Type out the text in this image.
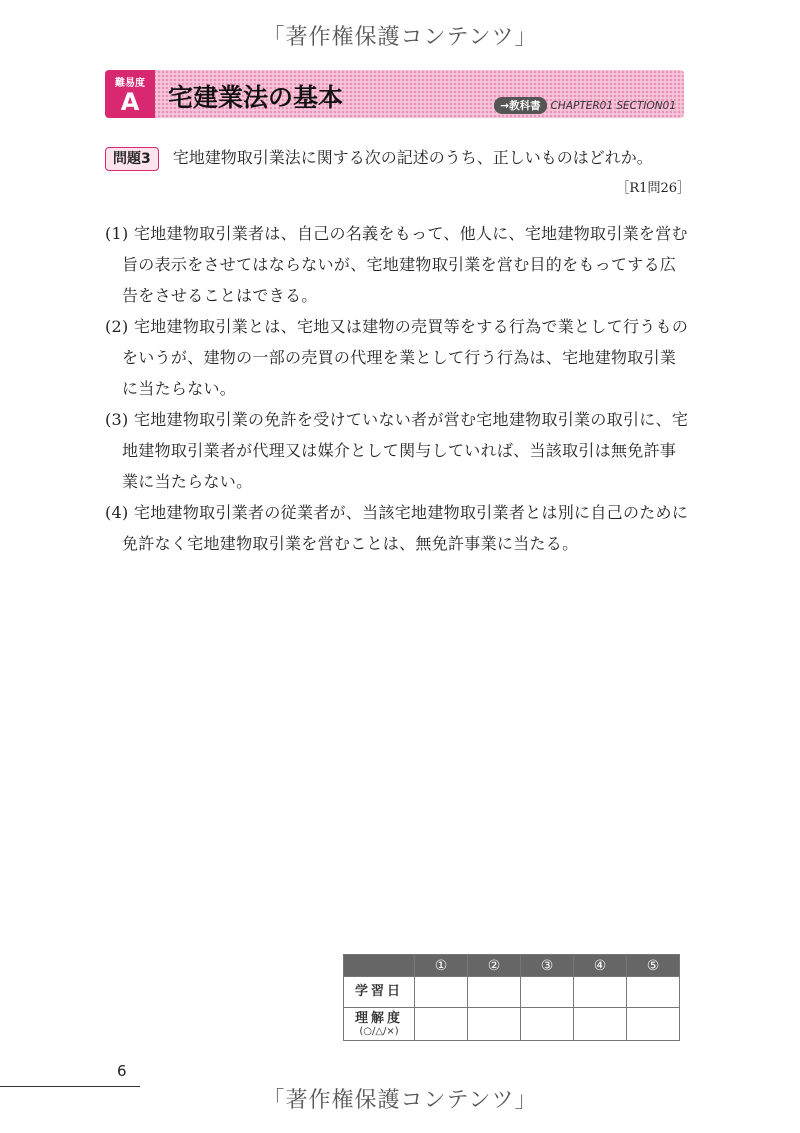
「著作権保護コンテンツ」
難易度
A	宅建業法の基本	→教科書 CHAPTER01 SECTION01
問題3 宅地建物取引業法に関する次の記述のうち、正しいものはどれか。
［R1問26］
(1) 宅地建物取引業者は、自己の名義をもって、他人に、宅地建物取引業を営む旨の表示をさせてはならないが、宅地建物取引業を営む目的をもってする広告をさせることはできる。
(2) 宅地建物取引業とは、宅地又は建物の売買等をする行為で業として行うものをいうが、建物の一部の売買の代理を業として行う行為は、宅地建物取引業に当たらない。
(3) 宅地建物取引業の免許を受けていない者が営む宅地建物取引業の取引に、宅地建物取引業者が代理又は媒介として関与していれば、当該取引は無免許事業に当たらない。
(4) 宅地建物取引業者の従業者が、当該宅地建物取引業者とは別に自己のために免許なく宅地建物取引業を営むことは、無免許事業に当たる。
	①	②	③	④	⑤

学習日					

理解度
(○/△/×)					

6
「著作権保護コンテンツ」
